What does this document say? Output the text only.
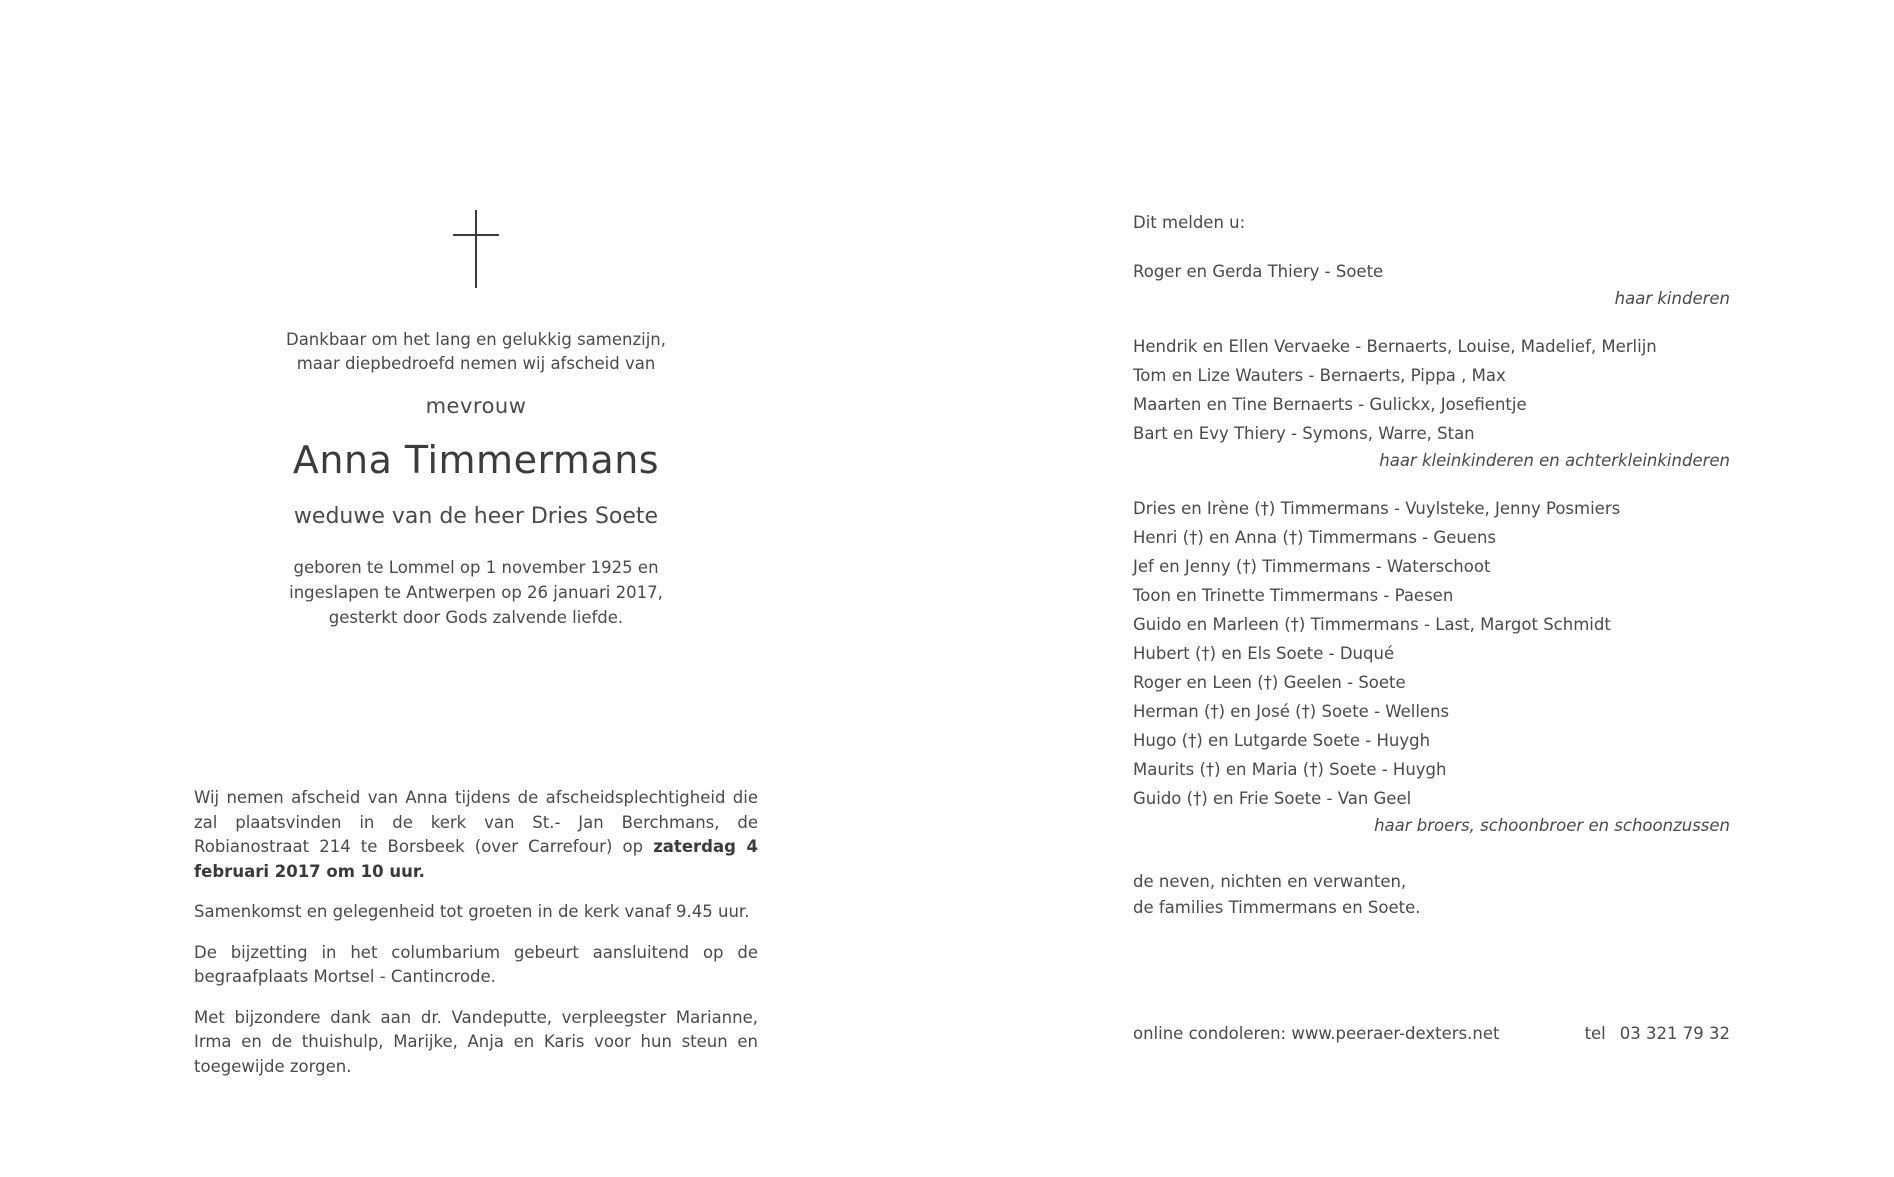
Dankbaar om het lang en gelukkig samenzijn,
maar diepbedroefd nemen wij afscheid van
mevrouw
Anna Timmermans
weduwe van de heer Dries Soete
geboren te Lommel op 1 november 1925 en
ingeslapen te Antwerpen op 26 januari 2017,
gesterkt door Gods zalvende liefde.

Wij nemen afscheid van Anna tijdens de afscheidsplechtigheid die zal plaatsvinden in de kerk van St.- Jan Berchmans, de Robianostraat 214 te Borsbeek (over Carrefour) op zaterdag 4 februari 2017 om 10 uur.

Samenkomst en gelegenheid tot groeten in de kerk vanaf 9.45 uur.

De bijzetting in het columbarium gebeurt aansluitend op de begraafplaats Mortsel - Cantincrode.

Met bijzondere dank aan dr. Vandeputte, verpleegster Marianne, Irma en de thuishulp, Marijke, Anja en Karis voor hun steun en toegewijde zorgen.

Dit melden u:
Roger en Gerda Thiery - Soete
haar kinderen
Hendrik en Ellen Vervaeke - Bernaerts, Louise, Madelief, Merlijn
Tom en Lize Wauters - Bernaerts, Pippa , Max
Maarten en Tine Bernaerts - Gulickx, Josefientje
Bart en Evy Thiery - Symons, Warre, Stan
haar kleinkinderen en achterkleinkinderen
Dries en Irène (†) Timmermans - Vuylsteke, Jenny Posmiers
Henri (†) en Anna (†) Timmermans - Geuens
Jef en Jenny (†) Timmermans - Waterschoot
Toon en Trinette Timmermans - Paesen
Guido en Marleen (†) Timmermans - Last, Margot Schmidt
Hubert (†) en Els Soete - Duqué
Roger en Leen (†) Geelen - Soete
Herman (†) en José (†) Soete - Wellens
Hugo (†) en Lutgarde Soete - Huygh
Maurits (†) en Maria (†) Soete - Huygh
Guido (†) en Frie Soete - Van Geel
haar broers, schoonbroer en schoonzussen
de neven, nichten en verwanten,
de families Timmermans en Soete.
online condoleren: www.peeraer-dexters.net	tel 03 321 79 32
